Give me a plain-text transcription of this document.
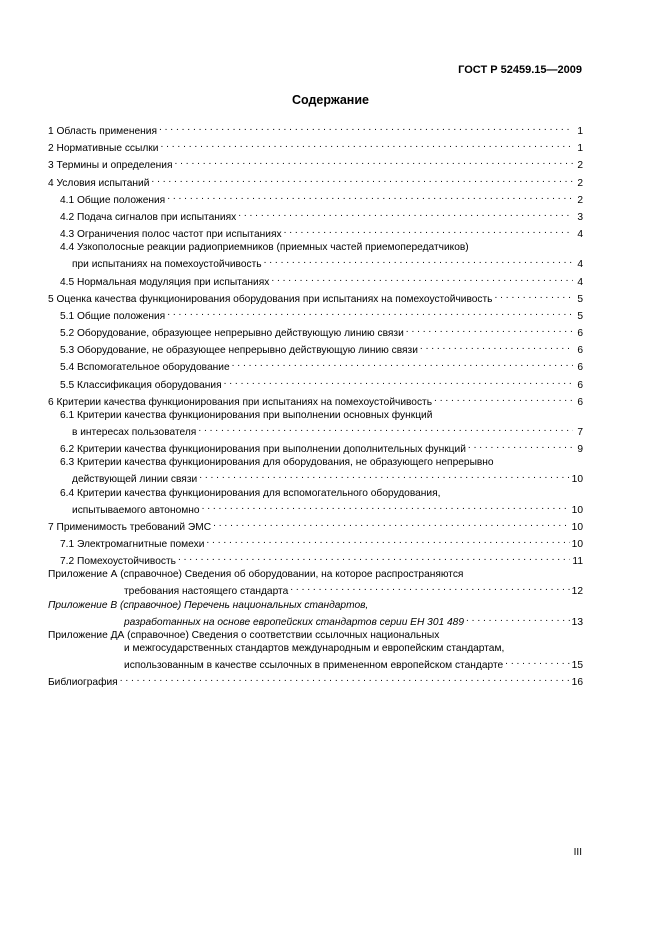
ГОСТ Р 52459.15—2009
Содержание
1 Область применения . . .	1
2 Нормативные ссылки . . .	1
3 Термины и определения . . .	2
4 Условия испытаний . . .	2
4.1 Общие положения . . .	2
4.2 Подача сигналов при испытаниях . . .	3
4.3 Ограничения полос частот при испытаниях . . .	4
4.4 Узкополосные реакции радиоприемников (приемных частей приемопередатчиков)
при испытаниях на помехоустойчивость . . .	4
4.5 Нормальная модуляция при испытаниях . . .	4
5 Оценка качества функционирования оборудования при испытаниях на помехоустойчивость . . .	5
5.1 Общие положения . . .	5
5.2 Оборудование, образующее непрерывно действующую линию связи . . .	6
5.3 Оборудование, не образующее непрерывно действующую линию связи . . .	6
5.4 Вспомогательное оборудование . . .	6
5.5 Классификация оборудования . . .	6
6 Критерии качества функционирования при испытаниях на помехоустойчивость . . .	6
6.1 Критерии качества функционирования при выполнении основных функций
в интересах пользователя . . .	7
6.2 Критерии качества функционирования при выполнении дополнительных функций . . .	9
6.3 Критерии качества функционирования для оборудования, не образующего непрерывно
действующей линии связи . . .	10
6.4 Критерии качества функционирования для вспомогательного оборудования,
испытываемого автономно . . .	10
7 Применимость требований ЭМС . . .	10
7.1 Электромагнитные помехи . . .	10
7.2 Помехоустойчивость . . .	11
Приложение А (справочное) Сведения об оборудовании, на которое распространяются
требования настоящего стандарта . . .	12
Приложение В (справочное) Перечень национальных стандартов,
разработанных на основе европейских стандартов серии ЕН 301 489 . . .	13
Приложение ДА (справочное) Сведения о соответствии ссылочных национальных
и межгосударственных стандартов международным и европейским стандартам,
использованным в качестве ссылочных в примененном европейском стандарте . . .	15
Библиография . . .	16
III
